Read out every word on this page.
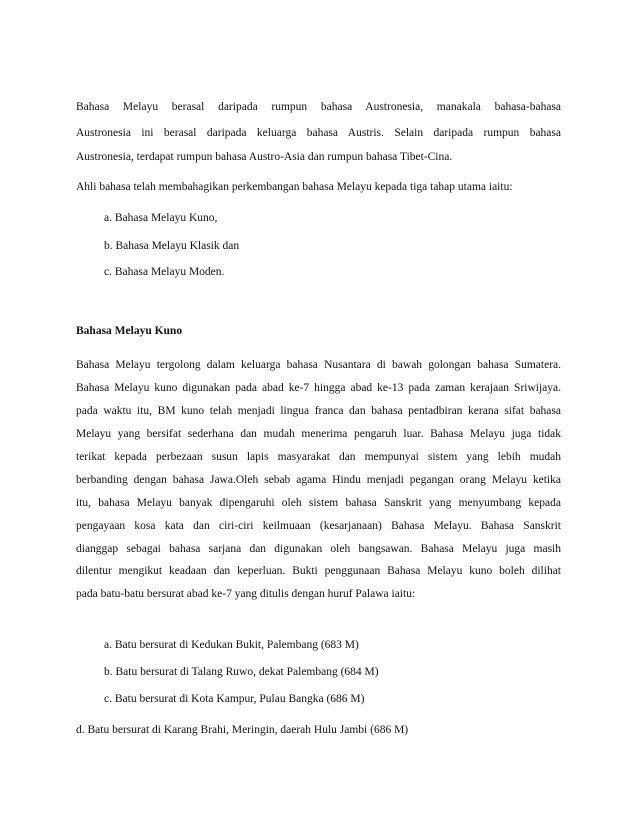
Bahasa Melayu berasal daripada rumpun bahasa Austronesia, manakala bahasa-bahasa
Austronesia ini berasal daripada keluarga bahasa Austris. Selain daripada rumpun bahasa
Austronesia, terdapat rumpun bahasa Austro-Asia dan rumpun bahasa Tibet-Cina.
Ahli bahasa telah membahagikan perkembangan bahasa Melayu kepada tiga tahap utama iaitu:
a. Bahasa Melayu Kuno,
b. Bahasa Melayu Klasik dan
c. Bahasa Melayu Moden.
Bahasa Melayu Kuno
Bahasa Melayu tergolong dalam keluarga bahasa Nusantara di bawah golongan bahasa Sumatera.
Bahasa Melayu kuno digunakan pada abad ke-7 hingga abad ke-13 pada zaman kerajaan Sriwijaya.
pada waktu itu, BM kuno telah menjadi lingua franca dan bahasa pentadbiran kerana sifat bahasa
Melayu yang bersifat sederhana dan mudah menerima pengaruh luar. Bahasa Melayu juga tidak
terikat kepada perbezaan susun lapis masyarakat dan mempunyai sistem yang lebih mudah
berbanding dengan bahasa Jawa.Oleh sebab agama Hindu menjadi pegangan orang Melayu ketika
itu, bahasa Melayu banyak dipengaruhi oleh sistem bahasa Sanskrit yang menyumbang kepada
pengayaan kosa kata dan ciri-ciri keilmuaan (kesarjanaan) Bahasa Melayu. Bahasa Sanskrit
dianggap sebagai bahasa sarjana dan digunakan oleh bangsawan. Bahasa Melayu juga masih
dilentur mengikut keadaan dan keperluan. Bukti penggunaan Bahasa Melayu kuno boleh dilihat
pada batu-batu bersurat abad ke-7 yang ditulis dengan huruf Palawa iaitu:
a. Batu bersurat di Kedukan Bukit, Palembang (683 M)
b. Batu bersurat di Talang Ruwo, dekat Palembang (684 M)
c. Batu bersurat di Kota Kampur, Pulau Bangka (686 M)
d. Batu bersurat di Karang Brahi, Meringin, daerah Hulu Jambi (686 M)
